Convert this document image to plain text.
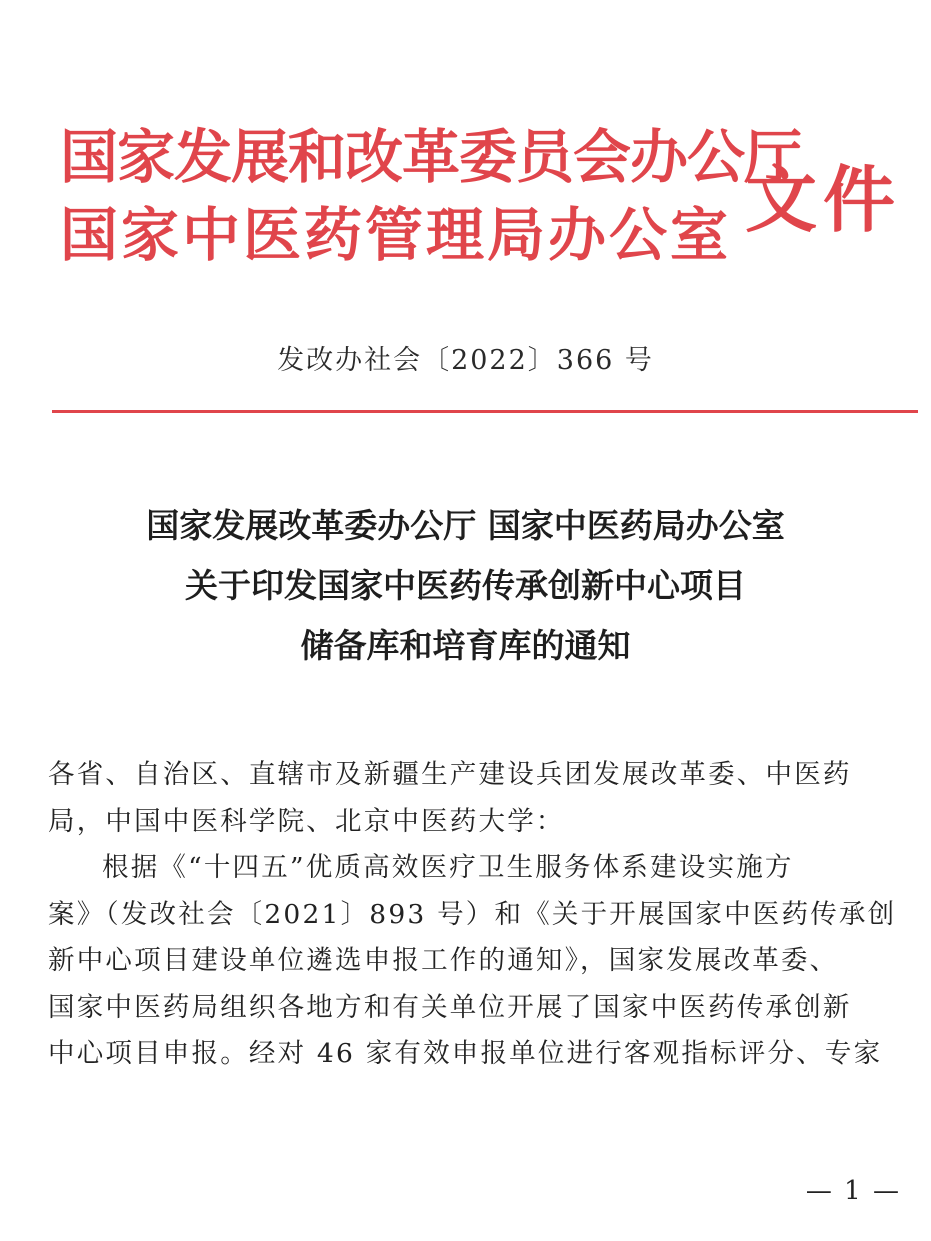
国家发展和改革委员会办公厅
国家中医药管理局办公室 文件
发改办社会〔2022〕366 号
国家发展改革委办公厅 国家中医药局办公室
关于印发国家中医药传承创新中心项目
储备库和培育库的通知
各省、自治区、直辖市及新疆生产建设兵团发展改革委、中医药
局，中国中医科学院、北京中医药大学：
根据《“十四五”优质高效医疗卫生服务体系建设实施方
案》（发改社会〔2021〕893 号）和《关于开展国家中医药传承创
新中心项目建设单位遴选申报工作的通知》，国家发展改革委、
国家中医药局组织各地方和有关单位开展了国家中医药传承创新
中心项目申报。经对 46 家有效申报单位进行客观指标评分、专家
— 1 —
